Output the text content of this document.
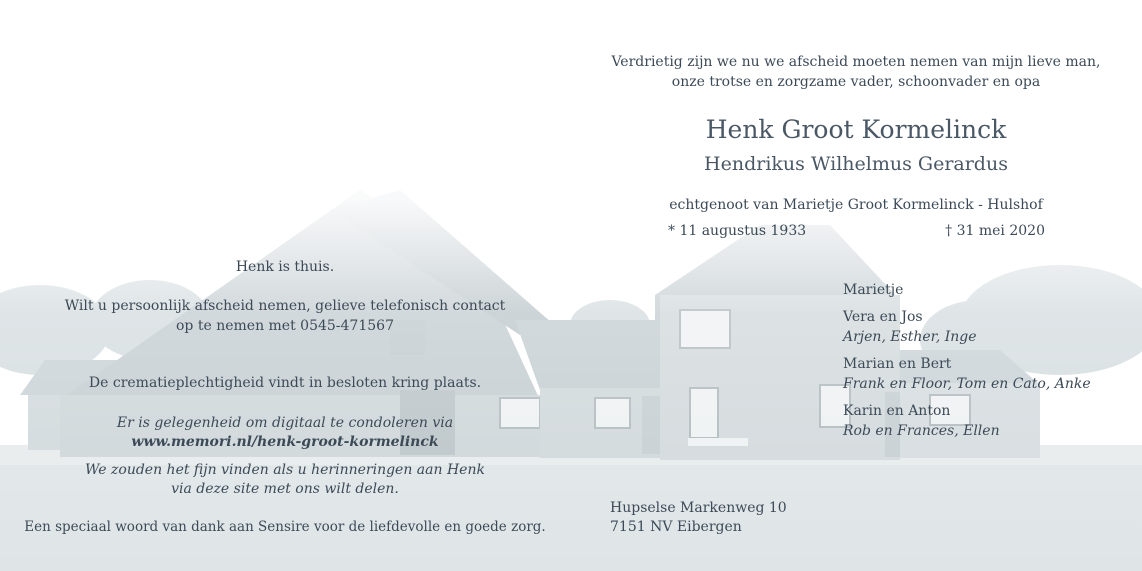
Verdrietig zijn we nu we afscheid moeten nemen van mijn lieve man,

onze trotse en zorgzame vader, schoonvader en opa

Henk Groot Kormelinck

Hendrikus Wilhelmus Gerardus

echtgenoot van Marietje Groot Kormelinck - Hulshof

* 11 augustus 1933	† 31 mei 2020

Marietje

Vera en Jos

Arjen, Esther, Inge

Marian en Bert

Frank en Floor, Tom en Cato, Anke

Karin en Anton

Rob en Frances, Ellen

Hupselse Markenweg 10

7151 NV Eibergen

Henk is thuis.

Wilt u persoonlijk afscheid nemen, gelieve telefonisch contact

op te nemen met 0545-471567

De crematieplechtigheid vindt in besloten kring plaats.

Er is gelegenheid om digitaal te condoleren via

www.memori.nl/henk-groot-kormelinck

We zouden het fijn vinden als u herinneringen aan Henk

via deze site met ons wilt delen.

Een speciaal woord van dank aan Sensire voor de liefdevolle en goede zorg.
